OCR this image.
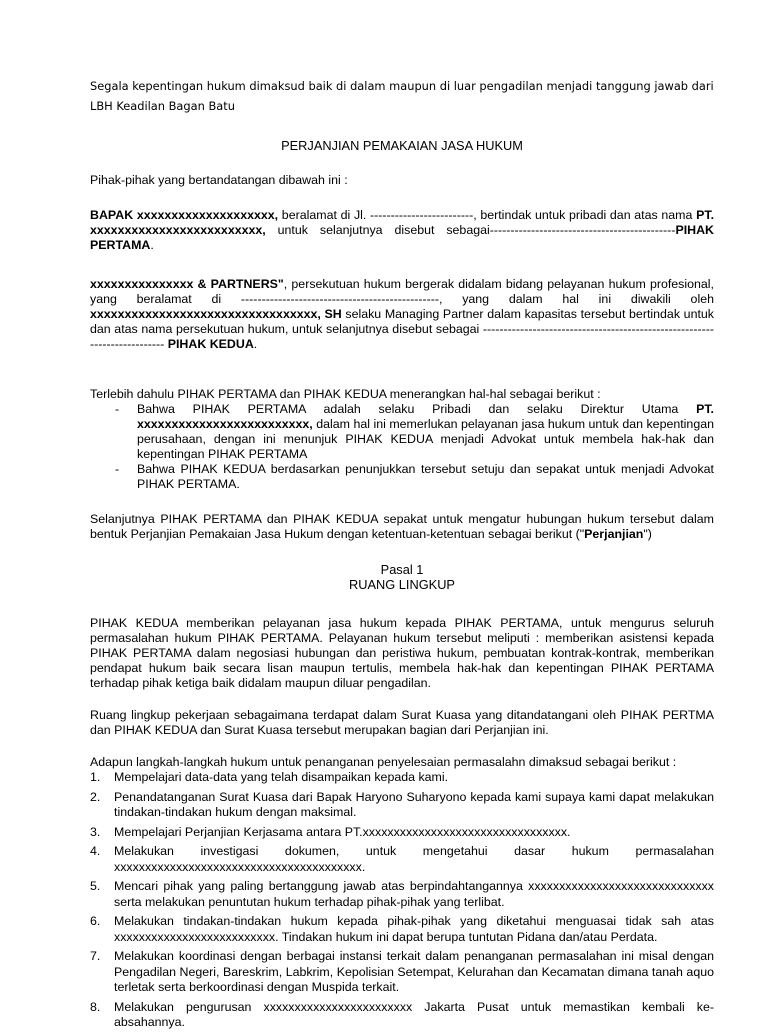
Segala kepentingan hukum dimaksud baik di dalam maupun di luar pengadilan menjadi tanggung jawab dari
LBH Keadilan Bagan Batu

PERJANJIAN PEMAKAIAN JASA HUKUM

Pihak-pihak yang bertandatangan dibawah ini :

BAPAK xxxxxxxxxxxxxxxxxxxx, beralamat di Jl. -------------------------, bertindak untuk pribadi dan atas nama PT. xxxxxxxxxxxxxxxxxxxxxxxxx, untuk selanjutnya disebut sebagai---------------------------------------------PIHAK PERTAMA.

xxxxxxxxxxxxxxx & PARTNERS", persekutuan hukum bergerak didalam bidang pelayanan hukum profesional, yang beralamat di ------------------------------------------------, yang dalam hal ini diwakili oleh xxxxxxxxxxxxxxxxxxxxxxxxxxxxxxxxx, SH selaku Managing Partner dalam kapasitas tersebut bertindak untuk dan atas nama persekutuan hukum, untuk selanjutnya disebut sebagai -------------------------------------------------------------------------- PIHAK KEDUA.

Terlebih dahulu PIHAK PERTAMA dan PIHAK KEDUA menerangkan hal-hal sebagai berikut :

- Bahwa PIHAK PERTAMA adalah selaku Pribadi dan selaku Direktur Utama PT. xxxxxxxxxxxxxxxxxxxxxxxxx, dalam hal ini memerlukan pelayanan jasa hukum untuk dan kepentingan perusahaan, dengan ini menunjuk PIHAK KEDUA menjadi Advokat untuk membela hak-hak dan kepentingan PIHAK PERTAMA
- Bahwa PIHAK KEDUA berdasarkan penunjukkan tersebut setuju dan sepakat untuk menjadi Advokat PIHAK PERTAMA.

Selanjutnya PIHAK PERTAMA dan PIHAK KEDUA sepakat untuk mengatur hubungan hukum tersebut dalam bentuk Perjanjian Pemakaian Jasa Hukum dengan ketentuan-ketentuan sebagai berikut ("Perjanjian")

Pasal 1

RUANG LINGKUP

PIHAK KEDUA memberikan pelayanan jasa hukum kepada PIHAK PERTAMA, untuk mengurus seluruh permasalahan hukum PIHAK PERTAMA. Pelayanan hukum tersebut meliputi : memberikan asistensi kepada PIHAK PERTAMA dalam negosiasi hubungan dan peristiwa hukum, pembuatan kontrak-kontrak, memberikan pendapat hukum baik secara lisan maupun tertulis, membela hak-hak dan kepentingan PIHAK PERTAMA terhadap pihak ketiga baik didalam maupun diluar pengadilan.

Ruang lingkup pekerjaan sebagaimana terdapat dalam Surat Kuasa yang ditandatangani oleh PIHAK PERTMA dan PIHAK KEDUA dan Surat Kuasa tersebut merupakan bagian dari Perjanjian ini.

Adapun langkah-langkah hukum untuk penanganan penyelesaian permasalahn dimaksud sebagai berikut :

1. Mempelajari data-data yang telah disampaikan kepada kami.
2. Penandatanganan Surat Kuasa dari Bapak Haryono Suharyono kepada kami supaya kami dapat melakukan tindakan-tindakan hukum dengan maksimal.
3. Mempelajari Perjanjian Kerjasama antara PT.xxxxxxxxxxxxxxxxxxxxxxxxxxxxxxxxx.
4. Melakukan investigasi dokumen, untuk mengetahui dasar hukum permasalahan xxxxxxxxxxxxxxxxxxxxxxxxxxxxxxxxxxxxxxxx.
5. Mencari pihak yang paling bertanggung jawab atas berpindahtangannya xxxxxxxxxxxxxxxxxxxxxxxxxxxxxx serta melakukan penuntutan hukum terhadap pihak-pihak yang terlibat.
6. Melakukan tindakan-tindakan hukum kepada pihak-pihak yang diketahui menguasai tidak sah atas xxxxxxxxxxxxxxxxxxxxxxxxxx. Tindakan hukum ini dapat berupa tuntutan Pidana dan/atau Perdata.
7. Melakukan koordinasi dengan berbagai instansi terkait dalam penanganan permasalahan ini misal dengan Pengadilan Negeri, Bareskrim, Labkrim, Kepolisian Setempat, Kelurahan dan Kecamatan dimana tanah aquo terletak serta berkoordinasi dengan Muspida terkait.
8. Melakukan pengurusan xxxxxxxxxxxxxxxxxxxxxxxx Jakarta Pusat untuk memastikan kembali ke-absahannya.
